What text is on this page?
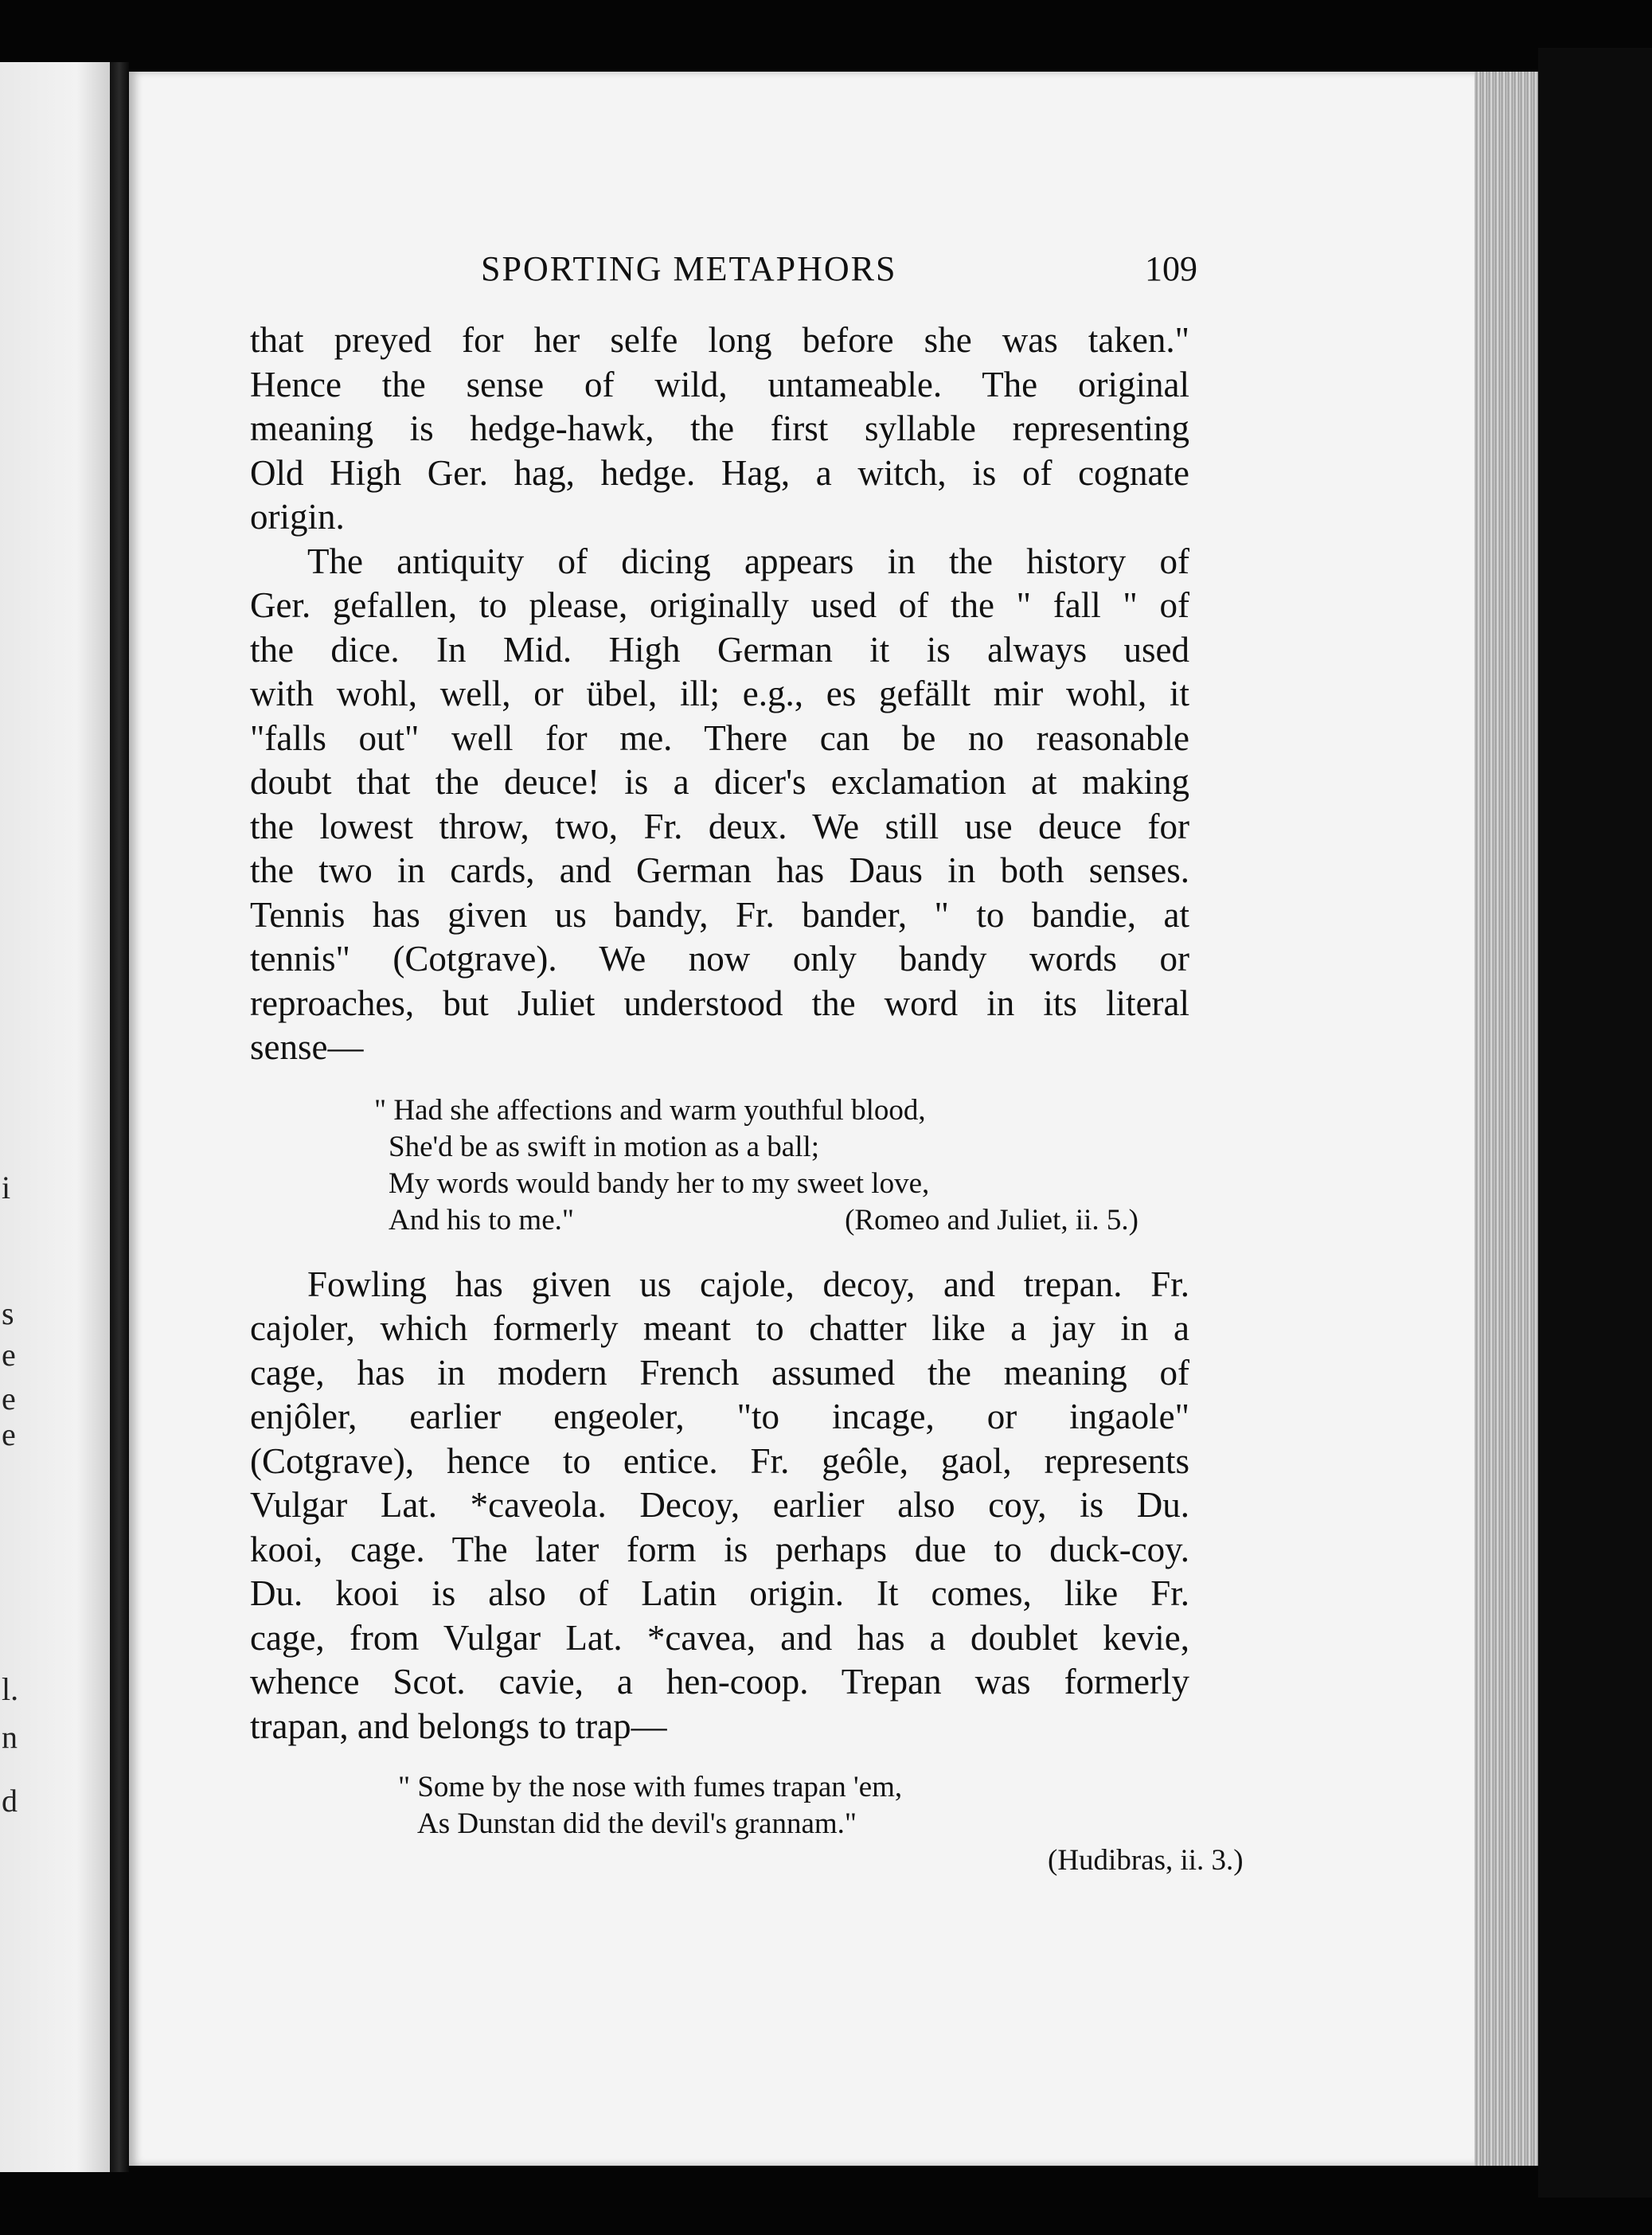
i
s
e
e
e
l.
n
d
SPORTING METAPHORS	109

that preyed for her selfe long before she was taken."

Hence the sense of wild, untameable. The original

meaning is hedge-hawk, the first syllable representing

Old High Ger. hag, hedge. Hag, a witch, is of cognate

origin.

The antiquity of dicing appears in the history of

Ger. gefallen, to please, originally used of the " fall " of

the dice. In Mid. High German it is always used

with wohl, well, or übel, ill; e.g., es gefällt mir wohl, it

"falls out" well for me. There can be no reasonable

doubt that the deuce! is a dicer's exclamation at making

the lowest throw, two, Fr. deux. We still use deuce for

the two in cards, and German has Daus in both senses.

Tennis has given us bandy, Fr. bander, " to bandie, at

tennis" (Cotgrave). We now only bandy words or

reproaches, but Juliet understood the word in its literal

sense—

" Had she affections and warm youthful blood,

She'd be as swift in motion as a ball;

My words would bandy her to my sweet love,

And his to me."	(Romeo and Juliet, ii. 5.)

Fowling has given us cajole, decoy, and trepan. Fr.

cajoler, which formerly meant to chatter like a jay in a

cage, has in modern French assumed the meaning of

enjôler, earlier engeoler, "to incage, or ingaole"

(Cotgrave), hence to entice. Fr. geôle, gaol, represents

Vulgar Lat. *caveola. Decoy, earlier also coy, is Du.

kooi, cage. The later form is perhaps due to duck-coy.

Du. kooi is also of Latin origin. It comes, like Fr.

cage, from Vulgar Lat. *cavea, and has a doublet kevie,

whence Scot. cavie, a hen-coop. Trepan was formerly

trapan, and belongs to trap—

" Some by the nose with fumes trapan 'em,

As Dunstan did the devil's grannam."

(Hudibras, ii. 3.)
